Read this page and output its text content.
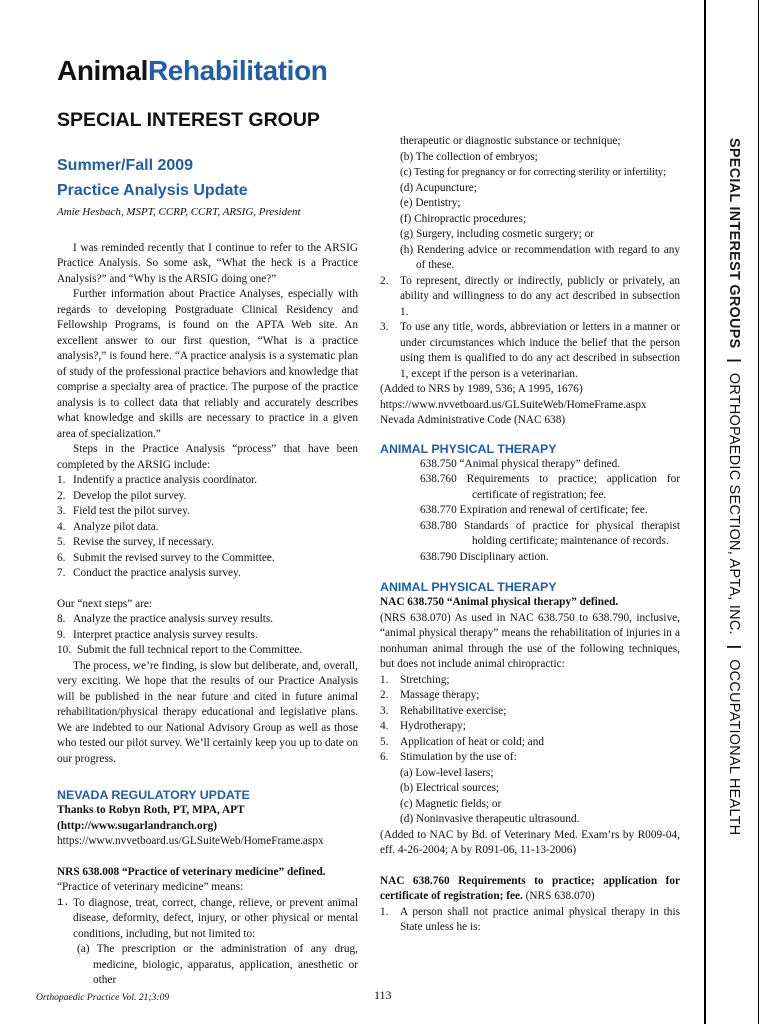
SPECIAL INTEREST GROUPS|ORTHOPAEDIC SECTION, APTA, INC.|OCCUPATIONAL HEALTH
AnimalRehabilitation
SPECIAL INTEREST GROUP

Summer/Fall 2009

Practice Analysis Update

Amie Hesbach, MSPT, CCRP, CCRT, ARSIG, President

I was reminded recently that I continue to refer to the ARSIG Practice Analysis. So some ask, “What the heck is a Practice Analysis?” and “Why is the ARSIG doing one?”

Further information about Practice Analyses, especially with regards to developing Postgraduate Clinical Residency and Fellowship Programs, is found on the APTA Web site. An excellent answer to our first question, “What is a practice analysis?,” is found here. “A practice analysis is a systematic plan of study of the professional practice behaviors and knowledge that comprise a specialty area of practice. The purpose of the practice analysis is to collect data that reliably and accurately describes what knowledge and skills are necessary to practice in a given area of specialization.”

Steps in the Practice Analysis “process” that have been completed by the ARSIG include:

1. Indentify a practice analysis coordinator.
2. Develop the pilot survey.
3. Field test the pilot survey.
4. Analyze pilot data.
5. Revise the survey, if necessary.
6. Submit the revised survey to the Committee.
7. Conduct the practice analysis survey.

Our “next steps” are:

8. Analyze the practice analysis survey results.
9. Interpret practice analysis survey results.
10. Submit the full technical report to the Committee.

The process, we’re finding, is slow but deliberate, and, overall, very exciting. We hope that the results of our Practice Analysis will be published in the near future and cited in future animal rehabilitation/physical therapy educational and legislative plans. We are indebted to our National Advisory Group as well as those who tested our pilot survey. We’ll certainly keep you up to date on our progress.

NEVADA REGULATORY UPDATE

Thanks to Robyn Roth, PT, MPA, APT

(http://www.sugarlandranch.org)

https://www.nvvetboard.us/GLSuiteWeb/HomeFrame.aspx

NRS 638.008 “Practice of veterinary medicine” defined.

“Practice of veterinary medicine” means:

1. To diagnose, treat, correct, change, relieve, or prevent animal disease, deformity, defect, injury, or other physical or mental conditions, including, but not limited to:

(a) The prescription or the administration of any drug, medicine, biologic, apparatus, application, anesthetic or other

therapeutic or diagnostic substance or technique;

(b) The collection of embryos;

(c) Testing for pregnancy or for correcting sterility or infertility;

(d) Acupuncture;

(e) Dentistry;

(f) Chiropractic procedures;

(g) Surgery, including cosmetic surgery; or

(h) Rendering advice or recommendation with regard to any of these.

2.	To represent, directly or indirectly, publicly or privately, an ability and willingness to do any act described in subsection 1.
3.	To use any title, words, abbreviation or letters in a manner or under circumstances which induce the belief that the person using them is qualified to do any act described in subsection 1, except if the person is a veterinarian.

(Added to NRS by 1989, 536; A 1995, 1676)

https://www.nvvetboard.us/GLSuiteWeb/HomeFrame.aspx

Nevada Administrative Code (NAC 638)

ANIMAL PHYSICAL THERAPY

638.750 “Animal physical therapy” defined.

638.760 Requirements to practice; application for certificate of registration; fee.

638.770 Expiration and renewal of certificate; fee.

638.780 Standards of practice for physical therapist holding certificate; maintenance of records.

638.790 Disciplinary action.

ANIMAL PHYSICAL THERAPY

NAC 638.750 “Animal physical therapy” defined.

(NRS 638.070) As used in NAC 638.750 to 638.790, inclusive, “animal physical therapy” means the rehabilitation of injuries in a nonhuman animal through the use of the following techniques, but does not include animal chiropractic:

1.	Stretching;
2.	Massage therapy;
3.	Rehabilitative exercise;
4.	Hydrotherapy;
5.	Application of heat or cold; and
6.	Stimulation by the use of:

(a) Low-level lasers;

(b) Electrical sources;

(c) Magnetic fields; or

(d) Noninvasive therapeutic ultrasound.

(Added to NAC by Bd. of Veterinary Med. Exam’rs by R009-04, eff. 4-26-2004; A by R091-06, 11-13-2006)

NAC 638.760 Requirements to practice; application for certificate of registration; fee. (NRS 638.070)

1.	A person shall not practice animal physical therapy in this State unless he is:
Orthopaedic Practice Vol. 21;3:09	113
